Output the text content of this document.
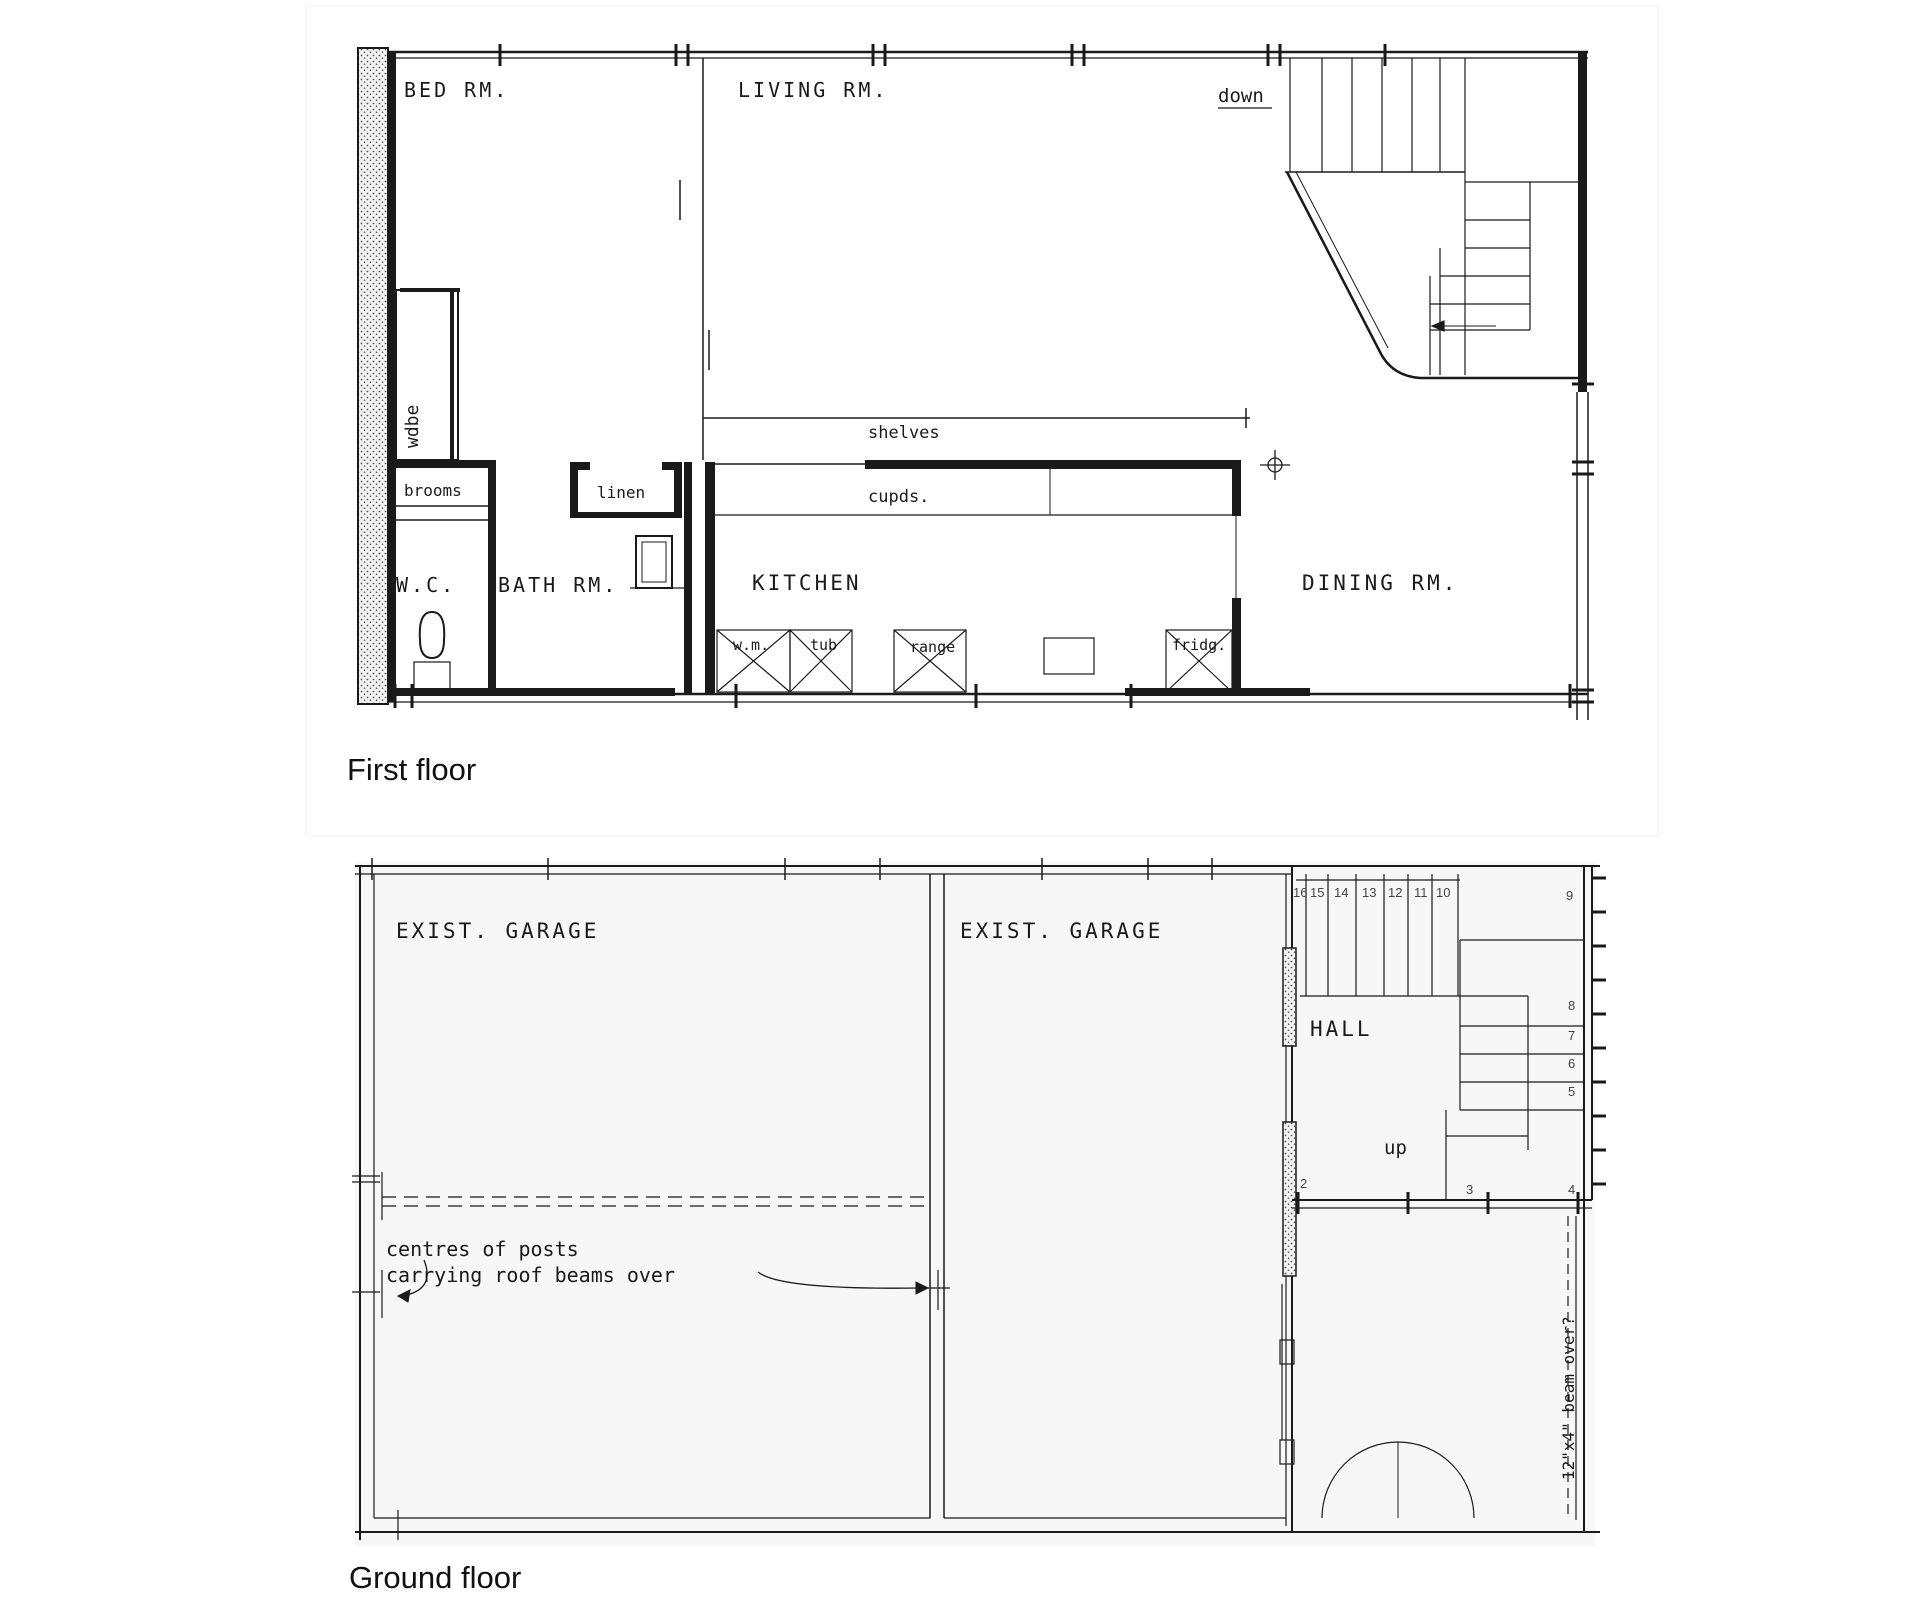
BED RM.	LIVING RM.	down
wdbe
brooms	linen
shelves
cupds.
W.C. BATH RM.	KITCHEN	DINING RM.
w.m.	tub	range	fridg.
EXIST. GARAGE	EXIST. GARAGE
HALL
up
centres of posts
carrying roof beams over
12"x4" beam over?
16 15 14 13 12 11 10	9
8
7
6
5
4
3
2
First floor
Ground floor
